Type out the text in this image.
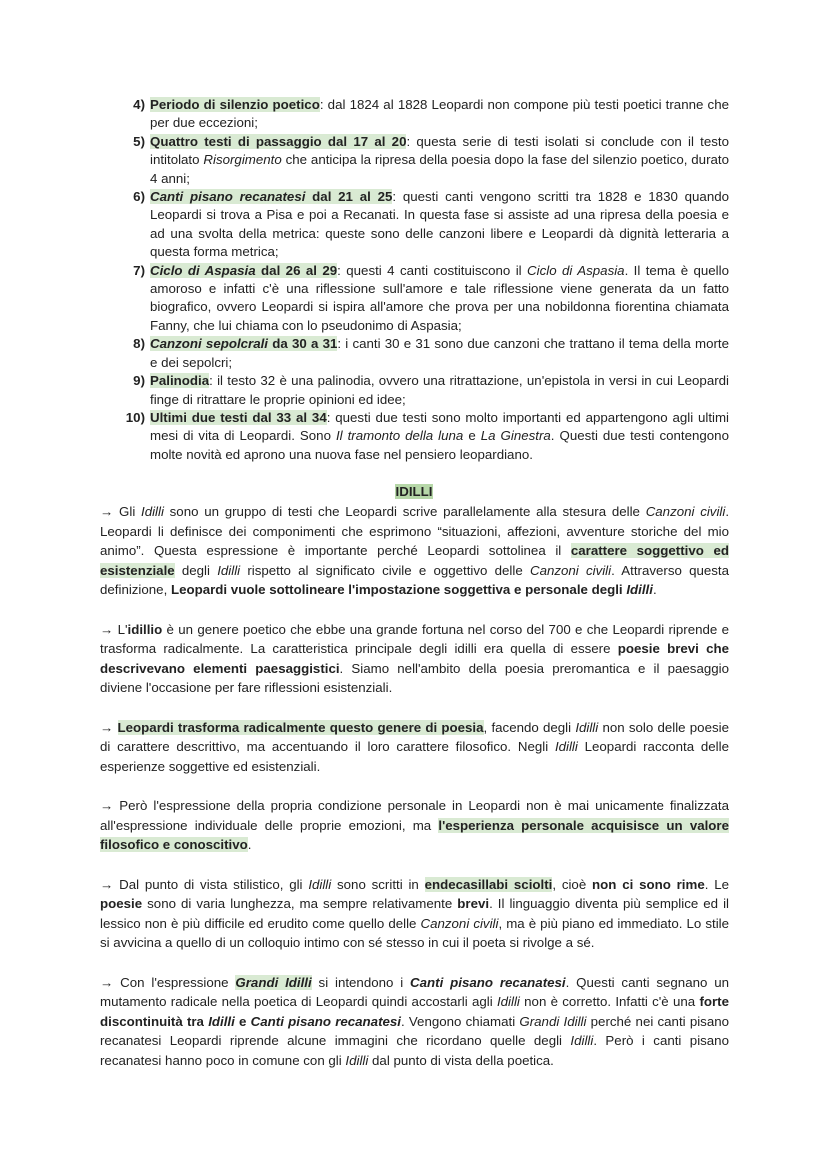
4) Periodo di silenzio poetico: dal 1824 al 1828 Leopardi non compone più testi poetici tranne che per due eccezioni;
5) Quattro testi di passaggio dal 17 al 20: questa serie di testi isolati si conclude con il testo intitolato Risorgimento che anticipa la ripresa della poesia dopo la fase del silenzio poetico, durato 4 anni;
6) Canti pisano recanatesi dal 21 al 25: questi canti vengono scritti tra 1828 e 1830 quando Leopardi si trova a Pisa e poi a Recanati. In questa fase si assiste ad una ripresa della poesia e ad una svolta della metrica: queste sono delle canzoni libere e Leopardi dà dignità letteraria a questa forma metrica;
7) Ciclo di Aspasia dal 26 al 29: questi 4 canti costituiscono il Ciclo di Aspasia. Il tema è quello amoroso e infatti c'è una riflessione sull'amore e tale riflessione viene generata da un fatto biografico, ovvero Leopardi si ispira all'amore che prova per una nobildonna fiorentina chiamata Fanny, che lui chiama con lo pseudonimo di Aspasia;
8) Canzoni sepolcrali da 30 a 31: i canti 30 e 31 sono due canzoni che trattano il tema della morte e dei sepolcri;
9) Palinodia: il testo 32 è una palinodia, ovvero una ritrattazione, un'epistola in versi in cui Leopardi finge di ritrattare le proprie opinioni ed idee;
10) Ultimi due testi dal 33 al 34: questi due testi sono molto importanti ed appartengono agli ultimi mesi di vita di Leopardi. Sono Il tramonto della luna e La Ginestra. Questi due testi contengono molte novità ed aprono una nuova fase nel pensiero leopardiano.
IDILLI

→ Gli Idilli sono un gruppo di testi che Leopardi scrive parallelamente alla stesura delle Canzoni civili. Leopardi li definisce dei componimenti che esprimono “situazioni, affezioni, avventure storiche del mio animo”. Questa espressione è importante perché Leopardi sottolinea il carattere soggettivo ed esistenziale degli Idilli rispetto al significato civile e oggettivo delle Canzoni civili. Attraverso questa definizione, Leopardi vuole sottolineare l'impostazione soggettiva e personale degli Idilli.

→ L'idillio è un genere poetico che ebbe una grande fortuna nel corso del 700 e che Leopardi riprende e trasforma radicalmente. La caratteristica principale degli idilli era quella di essere poesie brevi che descrivevano elementi paesaggistici. Siamo nell'ambito della poesia preromantica e il paesaggio diviene l'occasione per fare riflessioni esistenziali.

→ Leopardi trasforma radicalmente questo genere di poesia, facendo degli Idilli non solo delle poesie di carattere descrittivo, ma accentuando il loro carattere filosofico. Negli Idilli Leopardi racconta delle esperienze soggettive ed esistenziali.

→ Però l'espressione della propria condizione personale in Leopardi non è mai unicamente finalizzata all'espressione individuale delle proprie emozioni, ma l'esperienza personale acquisisce un valore filosofico e conoscitivo.

→ Dal punto di vista stilistico, gli Idilli sono scritti in endecasillabi sciolti, cioè non ci sono rime. Le poesie sono di varia lunghezza, ma sempre relativamente brevi. Il linguaggio diventa più semplice ed il lessico non è più difficile ed erudito come quello delle Canzoni civili, ma è più piano ed immediato. Lo stile si avvicina a quello di un colloquio intimo con sé stesso in cui il poeta si rivolge a sé.

→ Con l'espressione Grandi Idilli si intendono i Canti pisano recanatesi. Questi canti segnano un mutamento radicale nella poetica di Leopardi quindi accostarli agli Idilli non è corretto. Infatti c'è una forte discontinuità tra Idilli e Canti pisano recanatesi. Vengono chiamati Grandi Idilli perché nei canti pisano recanatesi Leopardi riprende alcune immagini che ricordano quelle degli Idilli. Però i canti pisano recanatesi hanno poco in comune con gli Idilli dal punto di vista della poetica.
